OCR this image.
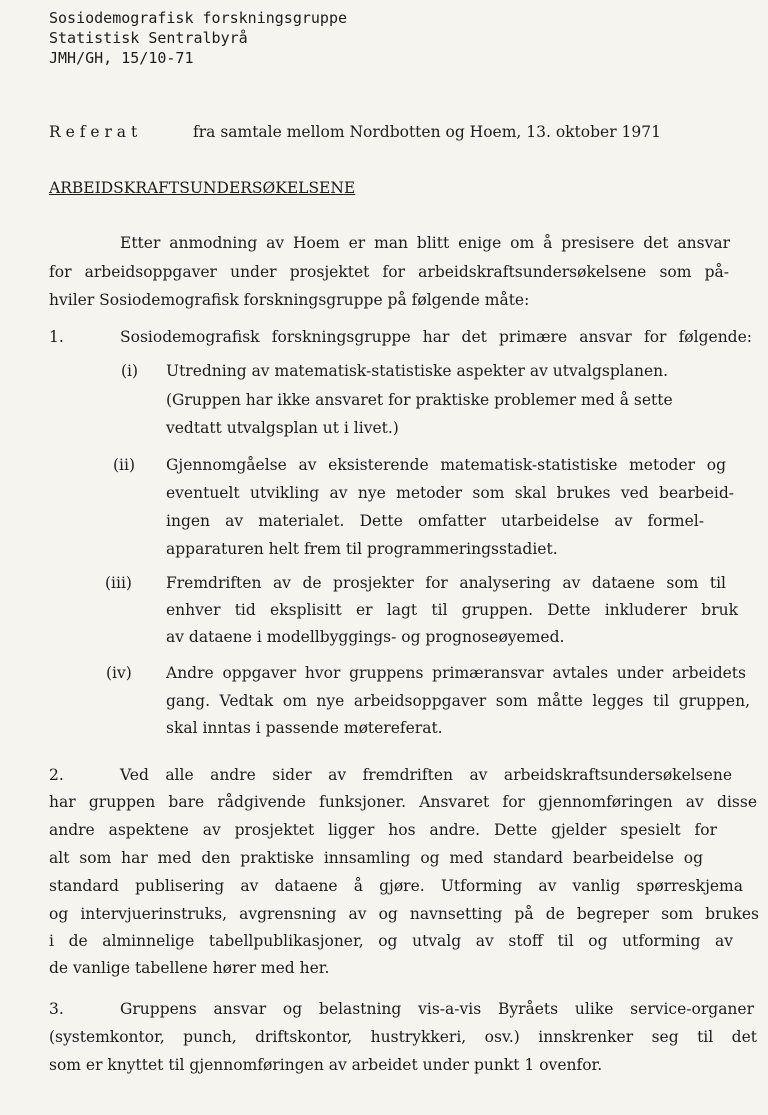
Sosiodemografisk forskningsgruppe
Statistisk Sentralbyrå
JMH/GH, 15/10-71
R e f e r a t	fra samtale mellom Nordbotten og Hoem, 13. oktober 1971
ARBEIDSKRAFTSUNDERSØKELSENE
Etter anmodning av Hoem er man blitt enige om å presisere det ansvar
for arbeidsoppgaver under prosjektet for arbeidskraftsundersøkelsene som på-
hviler Sosiodemografisk forskningsgruppe på følgende måte:
1.	Sosiodemografisk forskningsgruppe har det primære ansvar for følgende:
(i) Utredning av matematisk-statistiske aspekter av utvalgsplanen.
(Gruppen har ikke ansvaret for praktiske problemer med å sette
vedtatt utvalgsplan ut i livet.)
(ii) Gjennomgåelse av eksisterende matematisk-statistiske metoder og
eventuelt utvikling av nye metoder som skal brukes ved bearbeid-
ingen av materialet. Dette omfatter utarbeidelse av formel-
apparaturen helt frem til programmeringsstadiet.
(iii) Fremdriften av de prosjekter for analysering av dataene som til
enhver tid eksplisitt er lagt til gruppen. Dette inkluderer bruk
av dataene i modellbyggings- og prognoseøyemed.
(iv) Andre oppgaver hvor gruppens primæransvar avtales under arbeidets
gang. Vedtak om nye arbeidsoppgaver som måtte legges til gruppen,
skal inntas i passende møtereferat.
2.	Ved alle andre sider av fremdriften av arbeidskraftsundersøkelsene
har gruppen bare rådgivende funksjoner. Ansvaret for gjennomføringen av disse
andre aspektene av prosjektet ligger hos andre. Dette gjelder spesielt for
alt som har med den praktiske innsamling og med standard bearbeidelse og
standard publisering av dataene å gjøre. Utforming av vanlig spørreskjema
og intervjuerinstruks, avgrensning av og navnsetting på de begreper som brukes
i de alminnelige tabellpublikasjoner, og utvalg av stoff til og utforming av
de vanlige tabellene hører med her.
3.	Gruppens ansvar og belastning vis-a-vis Byråets ulike service-organer
(systemkontor, punch, driftskontor, hustrykkeri, osv.) innskrenker seg til det
som er knyttet til gjennomføringen av arbeidet under punkt 1 ovenfor.
